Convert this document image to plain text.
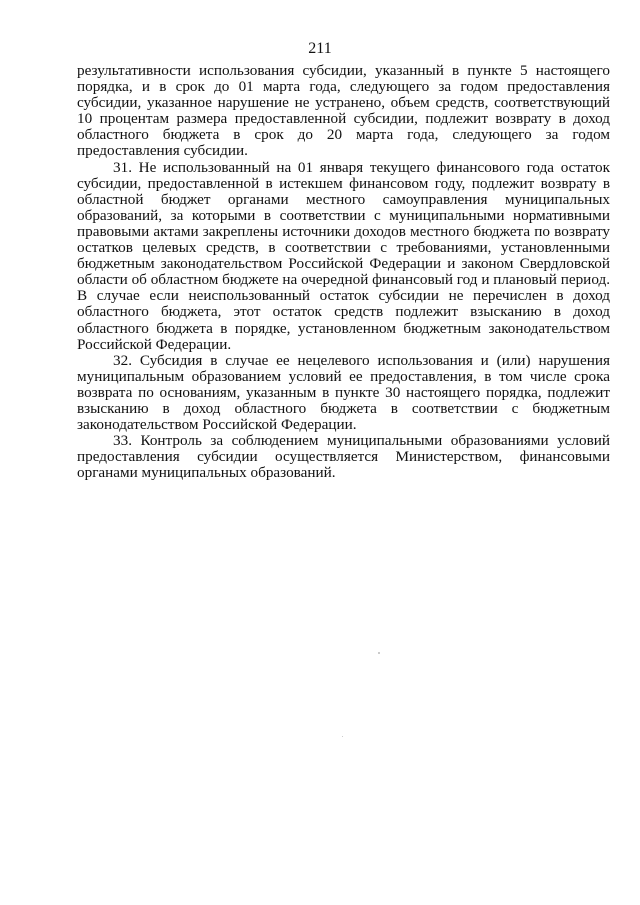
211

результативности использования субсидии, указанный в пункте 5 настоящего порядка, и в срок до 01 марта года, следующего за годом предоставления субсидии, указанное нарушение не устранено, объем средств, соответствующий 10 процентам размера предоставленной субсидии, подлежит возврату в доход областного бюджета в срок до 20 марта года, следующего за годом предоставления субсидии.

31. Не использованный на 01 января текущего финансового года остаток субсидии, предоставленной в истекшем финансовом году, подлежит возврату в областной бюджет органами местного самоуправления муниципальных образований, за которыми в соответствии с муниципальными нормативными правовыми актами закреплены источники доходов местного бюджета по возврату остатков целевых средств, в соответствии с требованиями, установленными бюджетным законодательством Российской Федерации и законом Свердловской области об областном бюджете на очередной финансовый год и плановый период. В случае если неиспользованный остаток субсидии не перечислен в доход областного бюджета, этот остаток средств подлежит взысканию в доход областного бюджета в порядке, установленном бюджетным законодательством Российской Федерации.

32. Субсидия в случае ее нецелевого использования и (или) нарушения муниципальным образованием условий ее предоставления, в том числе срока возврата по основаниям, указанным в пункте 30 настоящего порядка, подлежит взысканию в доход областного бюджета в соответствии с бюджетным законодательством Российской Федерации.

33. Контроль за соблюдением муниципальными образованиями условий предоставления субсидии осуществляется Министерством, финансовыми органами муниципальных образований.
